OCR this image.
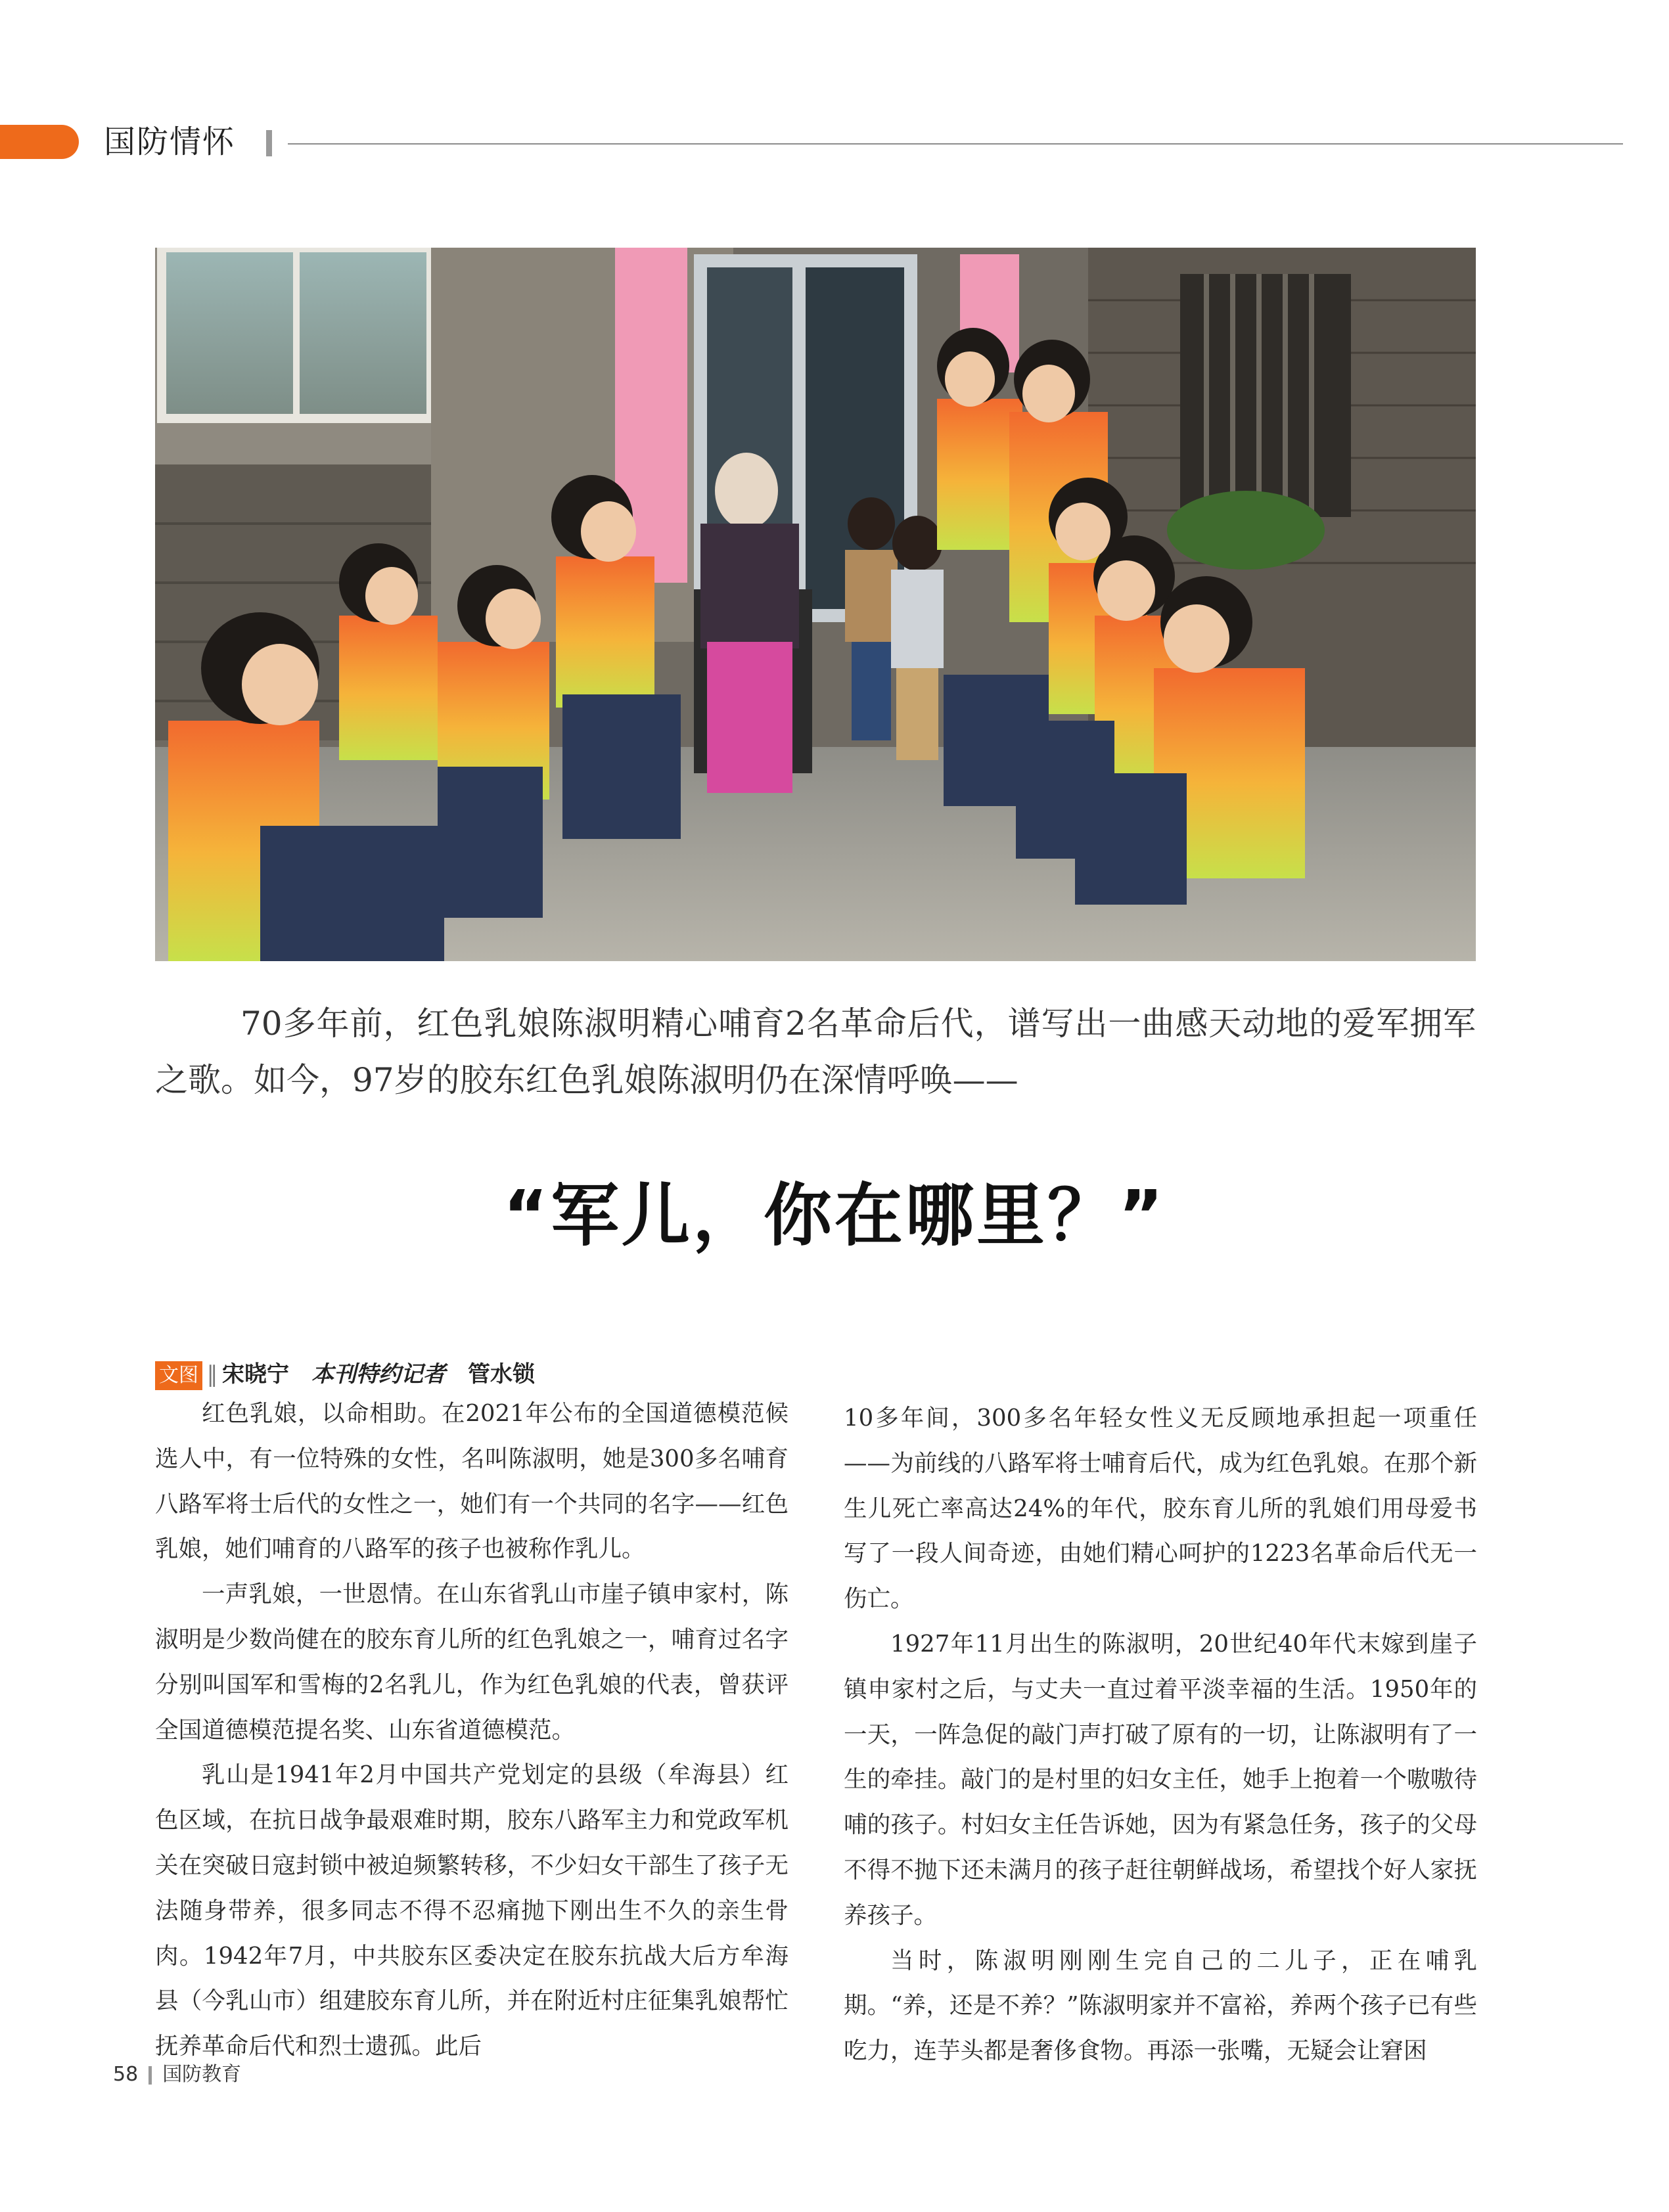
国防情怀
70多年前，红色乳娘陈淑明精心哺育2名革命后代，谱写出一曲感天动地的爱军拥军之歌。如今，97岁的胶东红色乳娘陈淑明仍在深情呼唤——
“军儿，你在哪里？”
文图 ‖ 宋晓宁 本刊特约记者 管水锁

红色乳娘，以命相助。在2021年公布的全国道德模范候选人中，有一位特殊的女性，名叫陈淑明，她是300多名哺育八路军将士后代的女性之一，她们有一个共同的名字——红色乳娘，她们哺育的八路军的孩子也被称作乳儿。

一声乳娘，一世恩情。在山东省乳山市崖子镇申家村，陈淑明是少数尚健在的胶东育儿所的红色乳娘之一，哺育过名字分别叫国军和雪梅的2名乳儿，作为红色乳娘的代表，曾获评全国道德模范提名奖、山东省道德模范。

乳山是1941年2月中国共产党划定的县级（牟海县）红色区域，在抗日战争最艰难时期，胶东八路军主力和党政军机关在突破日寇封锁中被迫频繁转移，不少妇女干部生了孩子无法随身带养，很多同志不得不忍痛抛下刚出生不久的亲生骨肉。1942年7月，中共胶东区委决定在胶东抗战大后方牟海县（今乳山市）组建胶东育儿所，并在附近村庄征集乳娘帮忙抚养革命后代和烈士遗孤。此后

10多年间，300多名年轻女性义无反顾地承担起一项重任——为前线的八路军将士哺育后代，成为红色乳娘。在那个新生儿死亡率高达24%的年代，胶东育儿所的乳娘们用母爱书写了一段人间奇迹，由她们精心呵护的1223名革命后代无一伤亡。

1927年11月出生的陈淑明，20世纪40年代末嫁到崖子镇申家村之后，与丈夫一直过着平淡幸福的生活。1950年的一天，一阵急促的敲门声打破了原有的一切，让陈淑明有了一生的牵挂。敲门的是村里的妇女主任，她手上抱着一个嗷嗷待哺的孩子。村妇女主任告诉她，因为有紧急任务，孩子的父母不得不抛下还未满月的孩子赶往朝鲜战场，希望找个好人家抚养孩子。

当时，陈淑明刚刚生完自己的二儿子，正在哺乳期。“养，还是不养？”陈淑明家并不富裕，养两个孩子已有些吃力，连芋头都是奢侈食物。再添一张嘴，无疑会让窘困

58 国防教育
